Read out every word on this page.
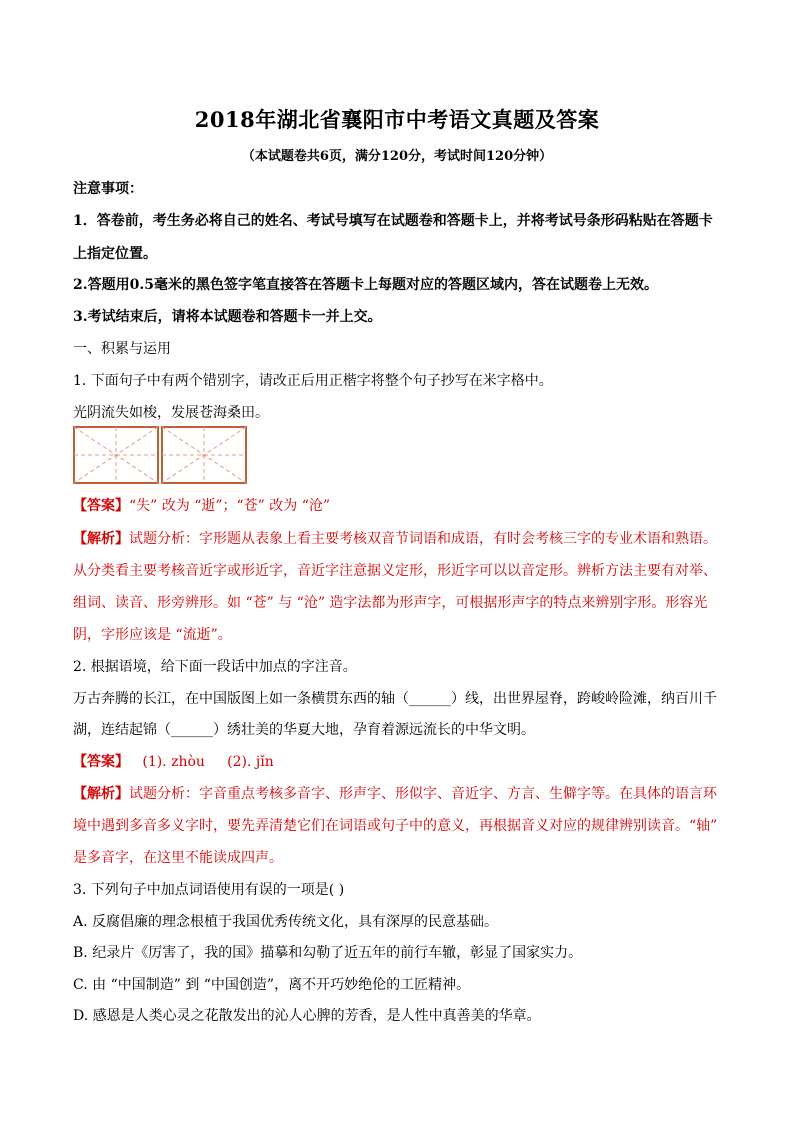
2018年湖北省襄阳市中考语文真题及答案
（本试题卷共6页，满分120分，考试时间120分钟）
注意事项：
1．答卷前，考生务必将自己的姓名、考试号填写在试题卷和答题卡上，并将考试号条形码粘贴在答题卡
上指定位置。
2.答题用0.5毫米的黑色签字笔直接答在答题卡上每题对应的答题区域内，答在试题卷上无效。
3.考试结束后，请将本试题卷和答题卡一并上交。
一、积累与运用
1. 下面句子中有两个错别字，请改正后用正楷字将整个句子抄写在米字格中。
光阴流失如梭，发展苍海桑田。
【答案】“失” 改为 “逝”；“苍” 改为 “沧”
【解析】试题分析：字形题从表象上看主要考核双音节词语和成语，有时会考核三字的专业术语和熟语。
从分类看主要考核音近字或形近字，音近字注意据义定形，形近字可以以音定形。辨析方法主要有对举、
组词、读音、形旁辨形。如 “苍” 与 “沧” 造字法都为形声字，可根据形声字的特点来辨别字形。形容光
阴，字形应该是 “流逝”。
2. 根据语境，给下面一段话中加点的字注音。
万古奔腾的长江，在中国版图上如一条横贯东西的轴（______）线，出世界屋脊，跨峻岭险滩，纳百川千
湖，连结起锦（______）绣壮美的华夏大地，孕育着源远流长的中华文明。
【答案】   (1). zhòu     (2). jǐn
【解析】试题分析：字音重点考核多音字、形声字、形似字、音近字、方言、生僻字等。在具体的语言环
境中遇到多音多义字时，要先弄清楚它们在词语或句子中的意义，再根据音义对应的规律辨别读音。“轴”
是多音字，在这里不能读成四声。
3. 下列句子中加点词语使用有误的一项是( )
A. 反腐倡廉的理念根植于我国优秀传统文化，具有深厚的民意基础。
B. 纪录片《厉害了，我的国》描摹和勾勒了近五年的前行车辙，彰显了国家实力。
C. 由 “中国制造” 到 “中国创造”，离不开巧妙绝伦的工匠精神。
D. 感恩是人类心灵之花散发出的沁人心脾的芳香，是人性中真善美的华章。
